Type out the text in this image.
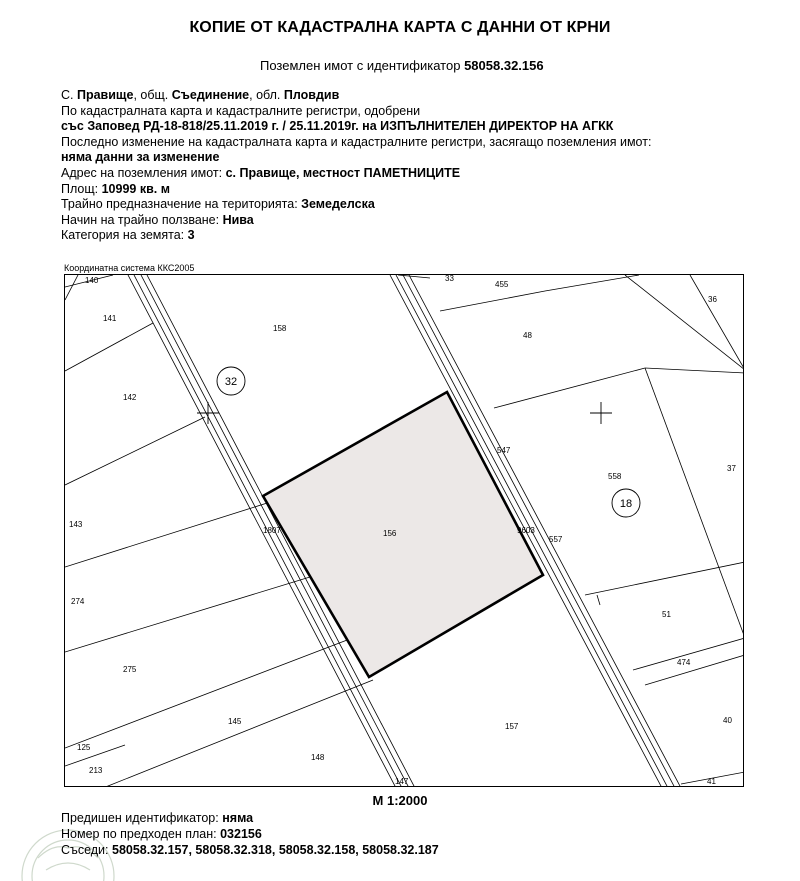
КОПИЕ ОТ КАДАСТРАЛНА КАРТА С ДАННИ ОТ КРНИ
Поземлен имот с идентификатор 58058.32.156
С. Правище, общ. Съединение, обл. Пловдив
По кадастралната карта и кадастралните регистри, одобрени
със Заповед РД-18-818/25.11.2019 г. / 25.11.2019г. на ИЗПЪЛНИТЕЛЕН ДИРЕКТОР НА АГКК
Последно изменение на кадастралната карта и кадастралните регистри, засягащо поземления имот:
няма данни за изменение
Адрес на поземления имот: с. Правище, местност ПАМЕТНИЦИТЕ
Площ: 10999 кв. м
Трайно предназначение на територията: Земеделска
Начин на трайно ползване: Нива
Категория на земята: 3
Координатна система ККС2005
32
18
140
141
142
143
274
275
145
148
125
213
147
158
156
1807
157
33
455
48
36
547
558
37
9603
557
51
474
40
41
М 1:2000
Предишен идентификатор: няма
Номер по предходен план: 032156
Съседи: 58058.32.157, 58058.32.318, 58058.32.158, 58058.32.187
